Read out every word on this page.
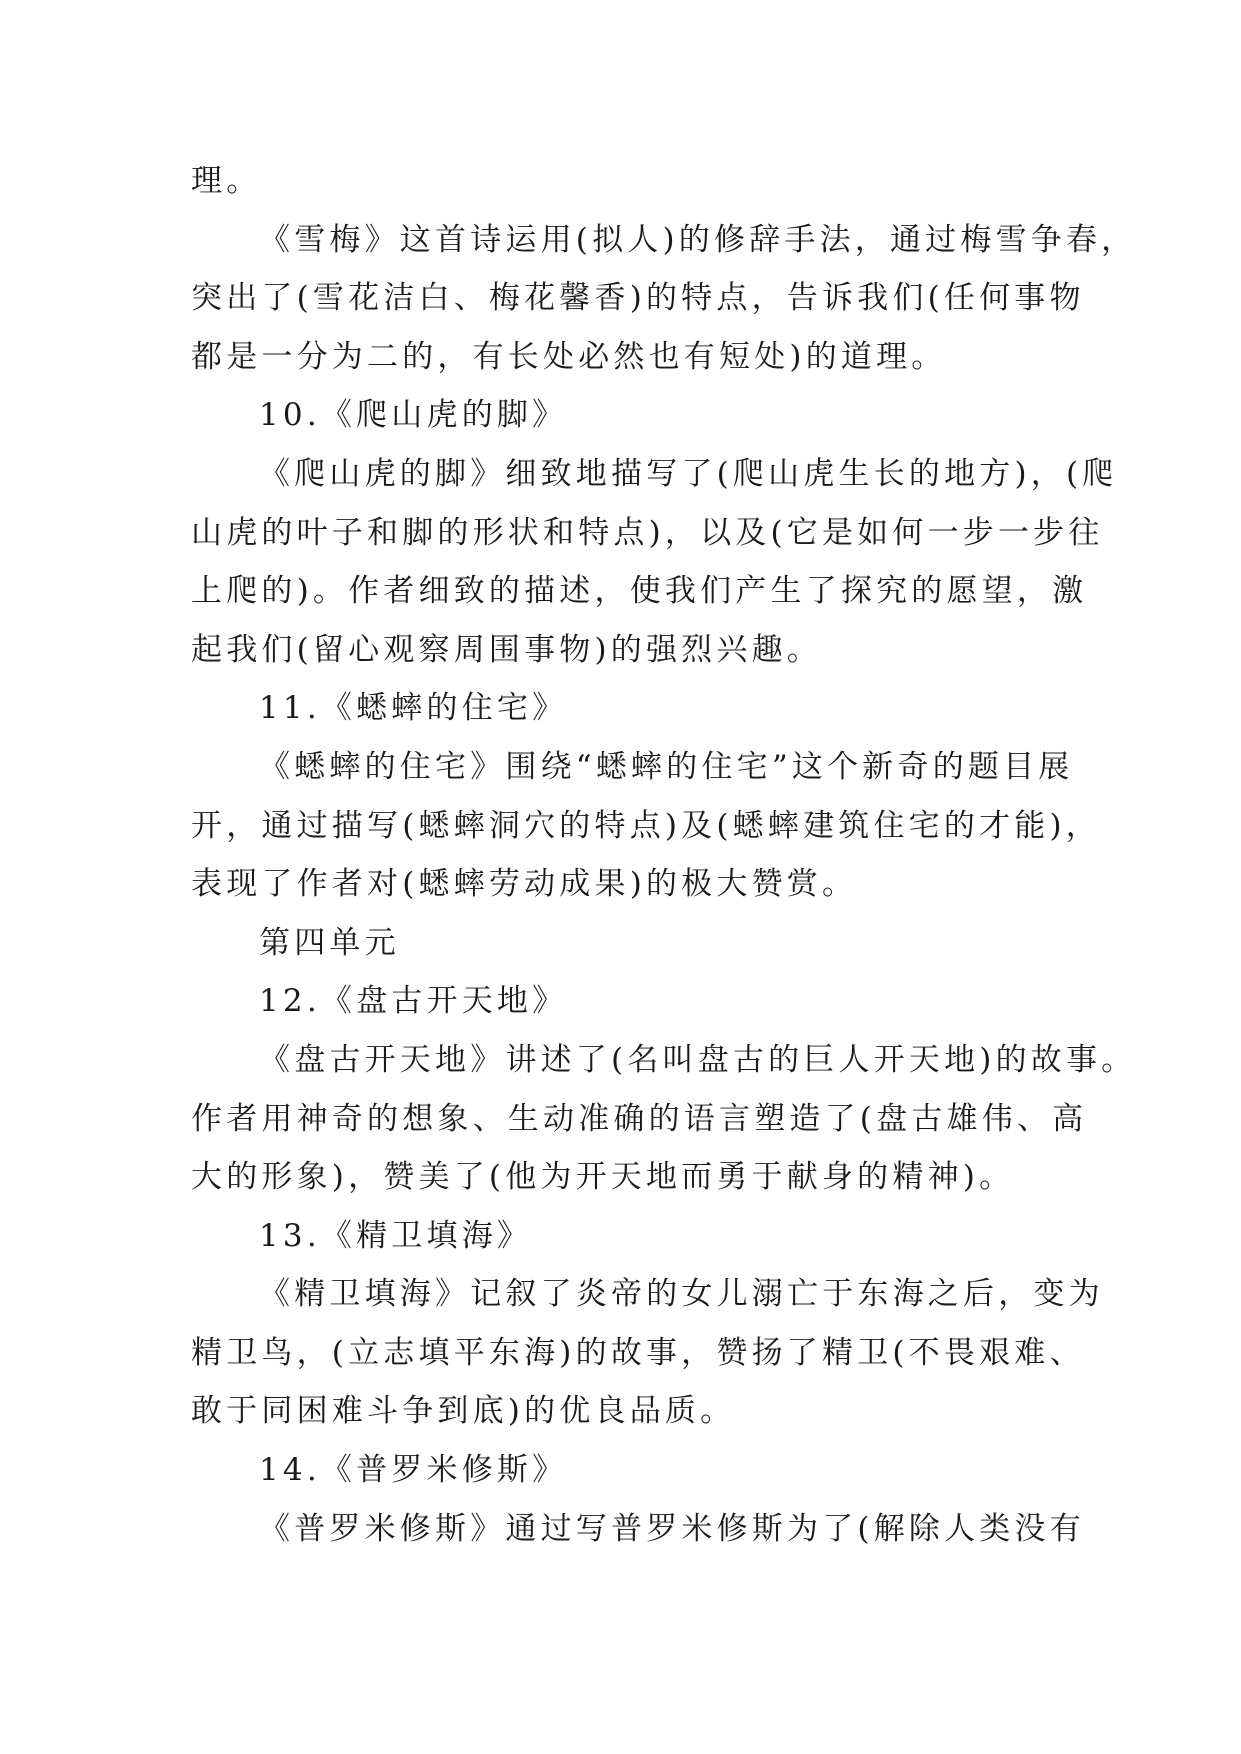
理。
《雪梅》这首诗运用(拟人)的修辞手法，通过梅雪争春，
突出了(雪花洁白、梅花馨香)的特点，告诉我们(任何事物
都是一分为二的，有长处必然也有短处)的道理。
10.《爬山虎的脚》
《爬山虎的脚》细致地描写了(爬山虎生长的地方)，(爬
山虎的叶子和脚的形状和特点)，以及(它是如何一步一步往
上爬的)。作者细致的描述，使我们产生了探究的愿望，激
起我们(留心观察周围事物)的强烈兴趣。
11.《蟋蟀的住宅》
《蟋蟀的住宅》围绕“蟋蟀的住宅”这个新奇的题目展
开，通过描写(蟋蟀洞穴的特点)及(蟋蟀建筑住宅的才能)，
表现了作者对(蟋蟀劳动成果)的极大赞赏。
第四单元
12.《盘古开天地》
《盘古开天地》讲述了(名叫盘古的巨人开天地)的故事。
作者用神奇的想象、生动准确的语言塑造了(盘古雄伟、高
大的形象)，赞美了(他为开天地而勇于献身的精神)。
13.《精卫填海》
《精卫填海》记叙了炎帝的女儿溺亡于东海之后，变为
精卫鸟，(立志填平东海)的故事，赞扬了精卫(不畏艰难、
敢于同困难斗争到底)的优良品质。
14.《普罗米修斯》
《普罗米修斯》通过写普罗米修斯为了(解除人类没有
